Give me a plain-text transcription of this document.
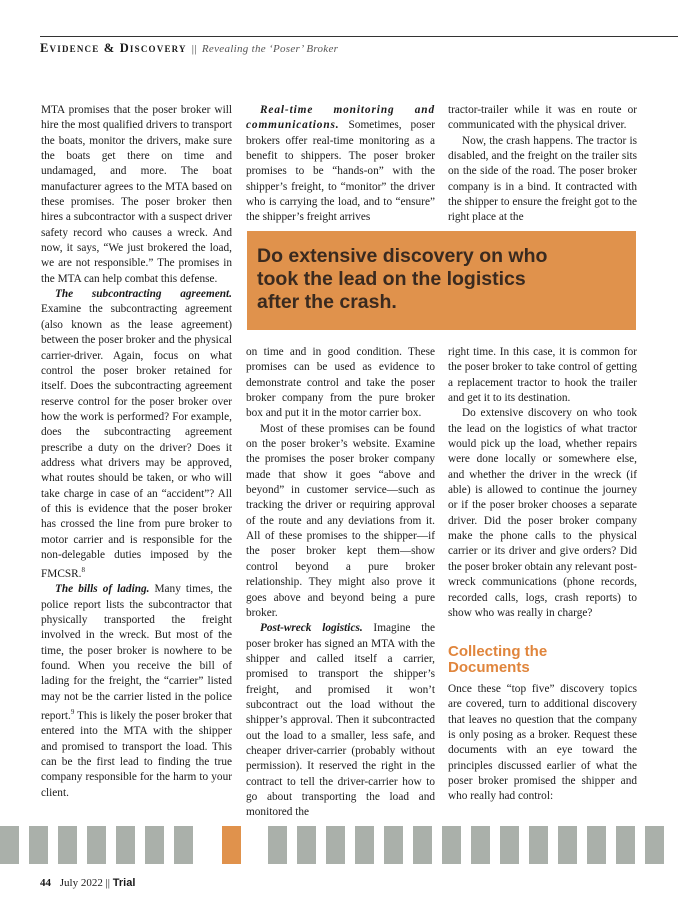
Evidence & Discovery || Revealing the ‘Poser’ Broker

MTA promises that the poser broker will hire the most qualified drivers to transport the boats, monitor the drivers, make sure the boats get there on time and undamaged, and more. The boat manufacturer agrees to the MTA based on these promises. The poser broker then hires a subcontractor with a suspect driver safety record who causes a wreck. And now, it says, “We just brokered the load, we are not responsible.” The promises in the MTA can help combat this defense.

The subcontracting agreement. Examine the subcontracting agreement (also known as the lease agreement) between the poser broker and the physical carrier-driver. Again, focus on what control the poser broker retained for itself. Does the subcontracting agreement reserve control for the poser broker over how the work is performed? For example, does the subcontracting agreement prescribe a duty on the driver? Does it address what drivers may be approved, what routes should be taken, or who will take charge in case of an “accident”? All of this is evidence that the poser broker has crossed the line from pure broker to motor carrier and is responsible for the non-delegable duties imposed by the FMCSR.$^8$

The bills of lading. Many times, the police report lists the subcontractor that physically transported the freight involved in the wreck. But most of the time, the poser broker is nowhere to be found. When you receive the bill of lading for the freight, the “carrier” listed may not be the carrier listed in the police report.$^9$ This is likely the poser broker that entered into the MTA with the shipper and promised to transport the load. This can be the first lead to finding the true company responsible for the harm to your client.

Real-time monitoring and communications. Sometimes, poser brokers offer real-time monitoring as a benefit to shippers. The poser broker promises to be “hands-on” with the shipper’s freight, to “monitor” the driver who is carrying the load, and to “ensure” the shipper’s freight arrives

tractor-trailer while it was en route or communicated with the physical driver.

Now, the crash happens. The tractor is disabled, and the freight on the trailer sits on the side of the road. The poser broker company is in a bind. It contracted with the shipper to ensure the freight got to the right place at the

Do extensive discovery on who
took the lead on the logistics
after the crash.

on time and in good condition. These promises can be used as evidence to demonstrate control and take the poser broker company from the pure broker box and put it in the motor carrier box.

Most of these promises can be found on the poser broker’s website. Examine the promises the poser broker company made that show it goes “above and beyond” in customer service—such as tracking the driver or requiring approval of the route and any deviations from it. All of these promises to the shipper—if the poser broker kept them—show control beyond a pure broker relationship. They might also prove it goes above and beyond being a pure broker.

Post-wreck logistics. Imagine the poser broker has signed an MTA with the shipper and called itself a carrier, promised to transport the shipper’s freight, and promised it won’t subcontract out the load without the shipper’s approval. Then it subcontracted out the load to a smaller, less safe, and cheaper driver-carrier (probably without permission). It reserved the right in the contract to tell the driver-carrier how to go about transporting the load and monitored the

right time. In this case, it is common for the poser broker to take control of getting a replacement tractor to hook the trailer and get it to its destination.

Do extensive discovery on who took the lead on the logistics of what tractor would pick up the load, whether repairs were done locally or somewhere else, and whether the driver in the wreck (if able) is allowed to continue the journey or if the poser broker chooses a separate driver. Did the poser broker company make the phone calls to the physical carrier or its driver and give orders? Did the poser broker obtain any relevant post-wreck communications (phone records, recorded calls, logs, crash reports) to show who was really in charge?

Collecting the
Documents

Once these “top five” discovery topics are covered, turn to additional discovery that leaves no question that the company is only posing as a broker. Request these documents with an eye toward the principles discussed earlier of what the poser broker promised the shipper and who really had control:

44 July 2022 || Trial
